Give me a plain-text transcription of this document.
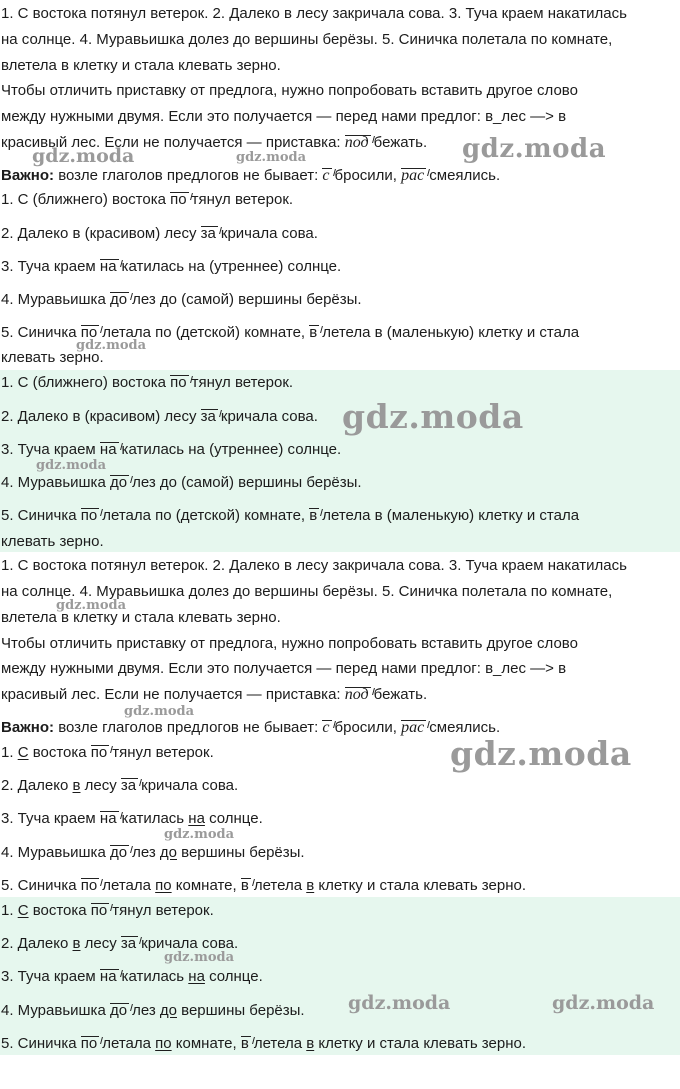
1. С востока потянул ветерок. 2. Далеко в лесу закричала сова. 3. Туча краем накатилась
на солнце. 4. Муравьишка долез до вершины берёзы. 5. Синичка полетала по комнате,
влетела в клетку и стала клевать зерно.
Чтобы отличить приставку от предлога, нужно попробовать вставить другое слово
между нужными двумя. Если это получается — перед нами предлог: в_лес —> в
красивый лес. Если не получается — приставка: под бежать.
Важно: возле глаголов предлогов не бывает: с бросили, рас смеялись.
1. С (ближнего) востока по тянул ветерок.
2. Далеко в (красивом) лесу за кричала сова.
3. Туча краем на катилась на (утреннее) солнце.
4. Муравьишка до лез до (самой) вершины берёзы.
5. Синичка по летала по (детской) комнате, в летела в (маленькую) клетку и стала
клевать зерно.
1. С (ближнего) востока по тянул ветерок.
2. Далеко в (красивом) лесу за кричала сова.
3. Туча краем на катилась на (утреннее) солнце.
4. Муравьишка до лез до (самой) вершины берёзы.
5. Синичка по летала по (детской) комнате, в летела в (маленькую) клетку и стала
клевать зерно.
1. С востока потянул ветерок. 2. Далеко в лесу закричала сова. 3. Туча краем накатилась
на солнце. 4. Муравьишка долез до вершины берёзы. 5. Синичка полетала по комнате,
влетела в клетку и стала клевать зерно.
Чтобы отличить приставку от предлога, нужно попробовать вставить другое слово
между нужными двумя. Если это получается — перед нами предлог: в_лес —> в
красивый лес. Если не получается — приставка: под бежать.
Важно: возле глаголов предлогов не бывает: с бросили, рас смеялись.
1. С востока по тянул ветерок.
2. Далеко в лесу за кричала сова.
3. Туча краем на катилась на солнце.
4. Муравьишка до лез до вершины берёзы.
5. Синичка по летала по комнате, в летела в клетку и стала клевать зерно.
1. С востока по тянул ветерок.
2. Далеко в лесу за кричала сова.
3. Туча краем на катилась на солнце.
4. Муравьишка до лез до вершины берёзы.
5. Синичка по летала по комнате, в летела в клетку и стала клевать зерно.
gdz.moda	gdz.moda	gdz.moda
gdz.moda
gdz.moda
gdz.moda
gdz.moda
gdz.moda
gdz.moda
gdz.moda
gdz.moda
gdz.moda	gdz.moda
